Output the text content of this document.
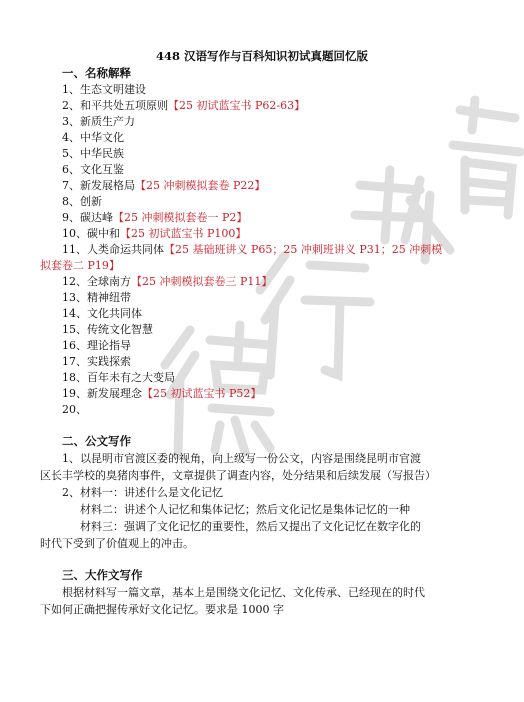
448 汉语写作与百科知识初试真题回忆版
一、名称解释
1、生态文明建设
2、和平共处五项原则【25 初试蓝宝书 P62-63】
3、新质生产力
4、中华文化
5、中华民族
6、文化互鉴
7、新发展格局【25 冲刺模拟套卷 P22】
8、创新
9、碳达峰【25 冲刺模拟套卷一 P2】
10、碳中和【25 初试蓝宝书 P100】
11、人类命运共同体【25 基础班讲义 P65；25 冲刺班讲义 P31；25 冲刺模
拟套卷二 P19】
12、全球南方【25 冲刺模拟套卷三 P11】
13、精神纽带
14、文化共同体
15、传统文化智慧
16、理论指导
17、实践探索
18、百年未有之大变局
19、新发展理念【25 初试蓝宝书 P52】
20、
二、公文写作
1、以昆明市官渡区委的视角，向上级写一份公文，内容是围绕昆明市官渡
区长丰学校的臭猪肉事件，文章提供了调查内容，处分结果和后续发展（写报告）
2、材料一：讲述什么是文化记忆
材料二：讲述个人记忆和集体记忆；然后文化记忆是集体记忆的一种
材料三：强调了文化记忆的重要性，然后又提出了文化记忆在数字化的
时代下受到了价值观上的冲击。
三、大作文写作
根据材料写一篇文章，基本上是围绕文化记忆、文化传承、已经现在的时代
下如何正确把握传承好文化记忆。要求是 1000 字
